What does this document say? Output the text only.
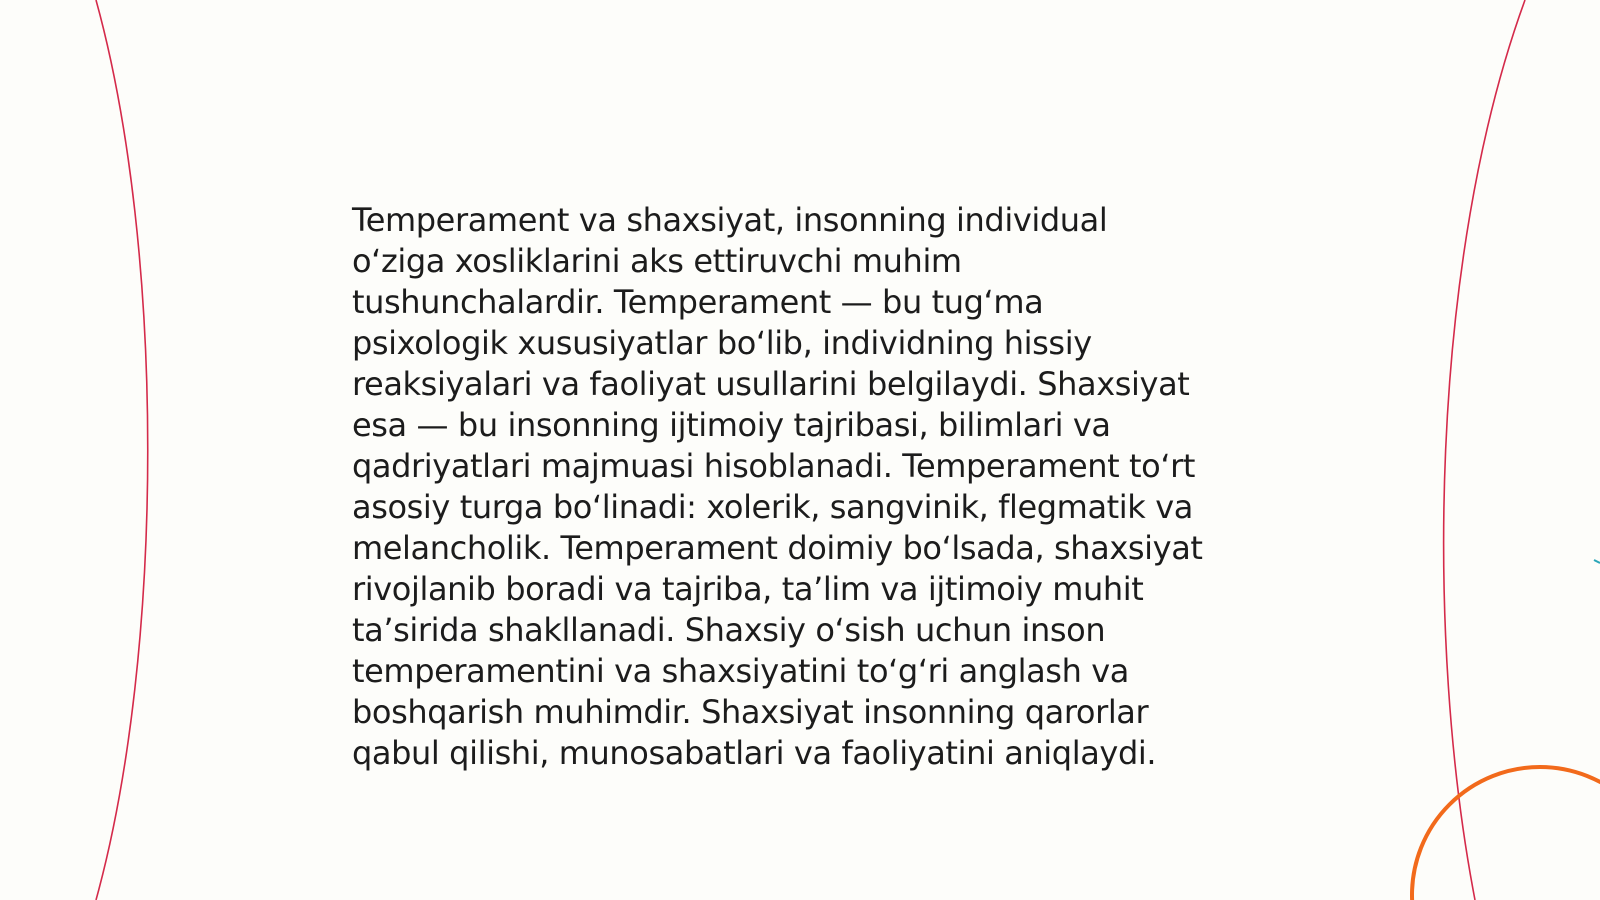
Temperament va shaxsiyat, insonning individual
o‘ziga xosliklarini aks ettiruvchi muhim
tushunchalardir. Temperament — bu tug‘ma
psixologik xususiyatlar bo‘lib, individning hissiy
reaksiyalari va faoliyat usullarini belgilaydi. Shaxsiyat
esa — bu insonning ijtimoiy tajribasi, bilimlari va
qadriyatlari majmuasi hisoblanadi. Temperament to‘rt
asosiy turga bo‘linadi: xolerik, sangvinik, flegmatik va
melancholik. Temperament doimiy bo‘lsada, shaxsiyat
rivojlanib boradi va tajriba, ta’lim va ijtimoiy muhit
ta’sirida shakllanadi. Shaxsiy o‘sish uchun inson
temperamentini va shaxsiyatini to‘g‘ri anglash va
boshqarish muhimdir. Shaxsiyat insonning qarorlar
qabul qilishi, munosabatlari va faoliyatini aniqlaydi.
